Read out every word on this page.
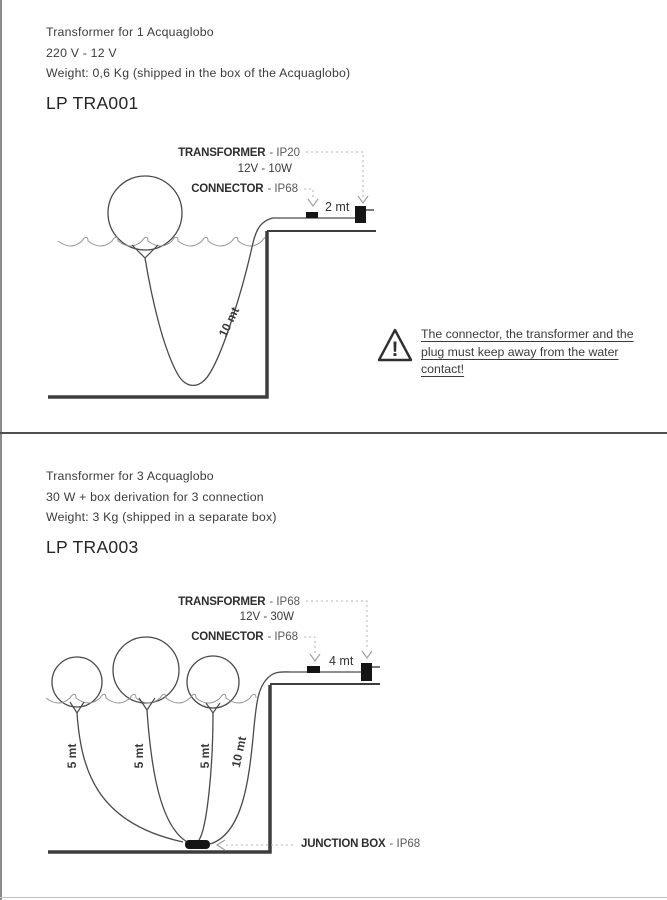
Transformer for 1 Acquaglobo
220 V - 12 V
Weight: 0,6 Kg (shipped in the box of the Acquaglobo)
LP TRA001
TRANSFORMER - IP20
12V - 10W
CONNECTOR - IP68
2 mt
10 mt
!
The connector, the transformer and the
plug must keep away from the water
contact!
Transformer for 3 Acquaglobo
30 W + box derivation for 3 connection
Weight: 3 Kg (shipped in a separate box)
LP TRA003
TRANSFORMER - IP68
12V - 30W
CONNECTOR - IP68
4 mt
5 mt	5 mt	5 mt 10 mt
JUNCTION BOX - IP68
